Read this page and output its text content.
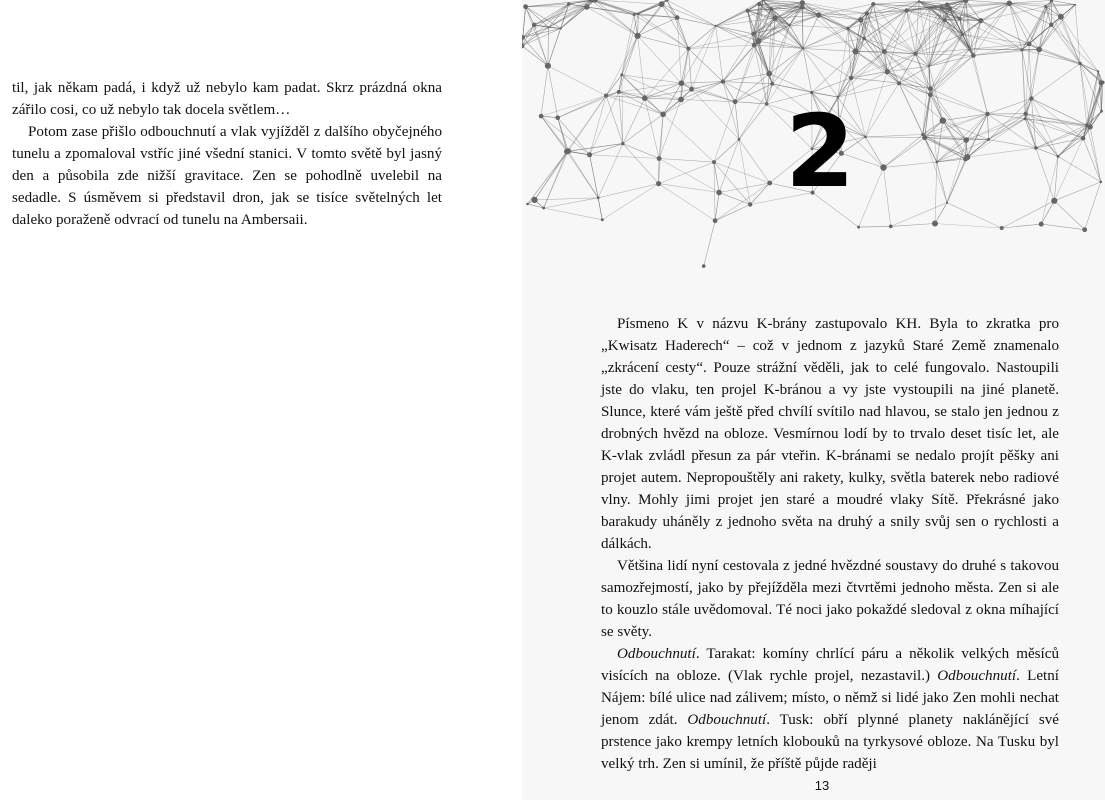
til, jak někam padá, i když už nebylo kam padat. Skrz prázdná okna zářilo cosi, co už nebylo tak docela světlem…

Potom zase přišlo odbouchnutí a vlak vyjížděl z dalšího obyčejného tunelu a zpomaloval vstříc jiné všední stanici. V tomto světě byl jasný den a působila zde nižší gravitace. Zen se pohodlně uvelebil na sedadle. S úsměvem si představil dron, jak se tisíce světelných let daleko poraženě odvrací od tunelu na Ambersaii.

2

Písmeno K v názvu K-brány zastupovalo KH. Byla to zkratka pro „Kwisatz Haderech“ – což v jednom z jazyků Staré Země znamenalo „zkrácení cesty“. Pouze strážní věděli, jak to celé fungovalo. Nastoupili jste do vlaku, ten projel K-bránou a vy jste vystoupili na jiné planetě. Slunce, které vám ještě před chvílí svítilo nad hlavou, se stalo jen jednou z drobných hvězd na obloze. Vesmírnou lodí by to trvalo deset tisíc let, ale K-vlak zvládl přesun za pár vteřin. K-bránami se nedalo projít pěšky ani projet autem. Nepropouštěly ani rakety, kulky, světla baterek nebo radiové vlny. Mohly jimi projet jen staré a moudré vlaky Sítě. Překrásné jako barakudy uháněly z jednoho světa na druhý a snily svůj sen o rychlosti a dálkách.

Většina lidí nyní cestovala z jedné hvězdné soustavy do druhé s takovou samozřejmostí, jako by přejížděla mezi čtvrtěmi jednoho města. Zen si ale to kouzlo stále uvědomoval. Té noci jako pokaždé sledoval z okna míhající se světy.

Odbouchnutí. Tarakat: komíny chrlící páru a několik velkých měsíců visících na obloze. (Vlak rychle projel, nezastavil.) Odbouchnutí. Letní Nájem: bílé ulice nad zálivem; místo, o němž si lidé jako Zen mohli nechat jenom zdát. Odbouchnutí. Tusk: obří plynné planety naklánějící své prstence jako krempy letních klobouků na tyrkysové obloze. Na Tusku byl velký trh. Zen si umínil, že příště půjde raději

13
